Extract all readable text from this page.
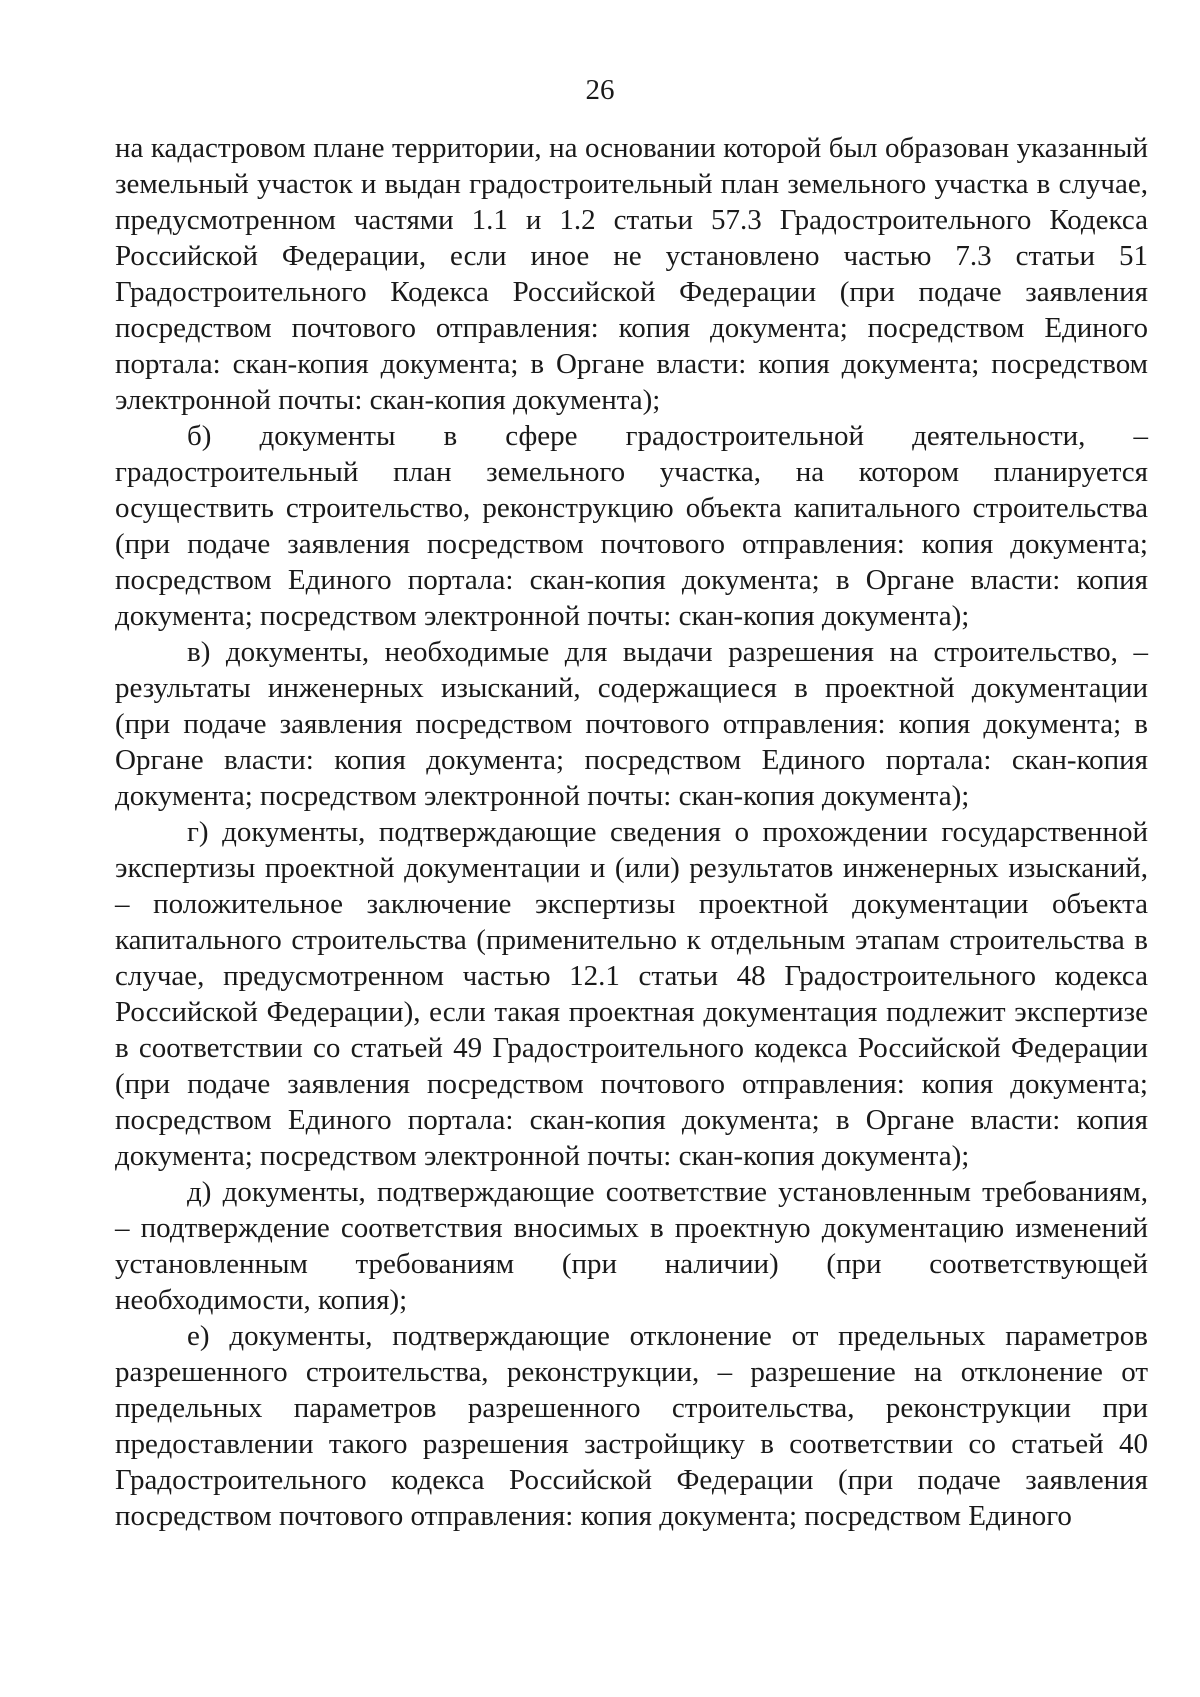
26

на кадастровом плане территории, на основании которой был образован указанный земельный участок и выдан градостроительный план земельного участка в случае, предусмотренном частями 1.1 и 1.2 статьи 57.3 Градостроительного Кодекса Российской Федерации, если иное не установлено частью 7.3 статьи 51 Градостроительного Кодекса Российской Федерации (при подаче заявления посредством почтового отправления: копия документа; посредством Единого портала: скан-копия документа; в Органе власти: копия документа; посредством электронной почты: скан-копия документа);

б) документы в сфере градостроительной деятельности, – градостроительный план земельного участка, на котором планируется осуществить строительство, реконструкцию объекта капитального строительства (при подаче заявления посредством почтового отправления: копия документа; посредством Единого портала: скан-копия документа; в Органе власти: копия документа; посредством электронной почты: скан-копия документа);

в) документы, необходимые для выдачи разрешения на строительство, – результаты инженерных изысканий, содержащиеся в проектной документации (при подаче заявления посредством почтового отправления: копия документа; в Органе власти: копия документа; посредством Единого портала: скан-копия документа; посредством электронной почты: скан-копия документа);

г) документы, подтверждающие сведения о прохождении государственной экспертизы проектной документации и (или) результатов инженерных изысканий, – положительное заключение экспертизы проектной документации объекта капитального строительства (применительно к отдельным этапам строительства в случае, предусмотренном частью 12.1 статьи 48 Градостроительного кодекса Российской Федерации), если такая проектная документация подлежит экспертизе в соответствии со статьей 49 Градостроительного кодекса Российской Федерации (при подаче заявления посредством почтового отправления: копия документа; посредством Единого портала: скан-копия документа; в Органе власти: копия документа; посредством электронной почты: скан-копия документа);

д) документы, подтверждающие соответствие установленным требованиям, – подтверждение соответствия вносимых в проектную документацию изменений установленным требованиям (при наличии) (при соответствующей необходимости, копия);

е) документы, подтверждающие отклонение от предельных параметров разрешенного строительства, реконструкции, – разрешение на отклонение от предельных параметров разрешенного строительства, реконструкции при предоставлении такого разрешения застройщику в соответствии со статьей 40 Градостроительного кодекса Российской Федерации (при подаче заявления посредством почтового отправления: копия документа; посредством Единого
